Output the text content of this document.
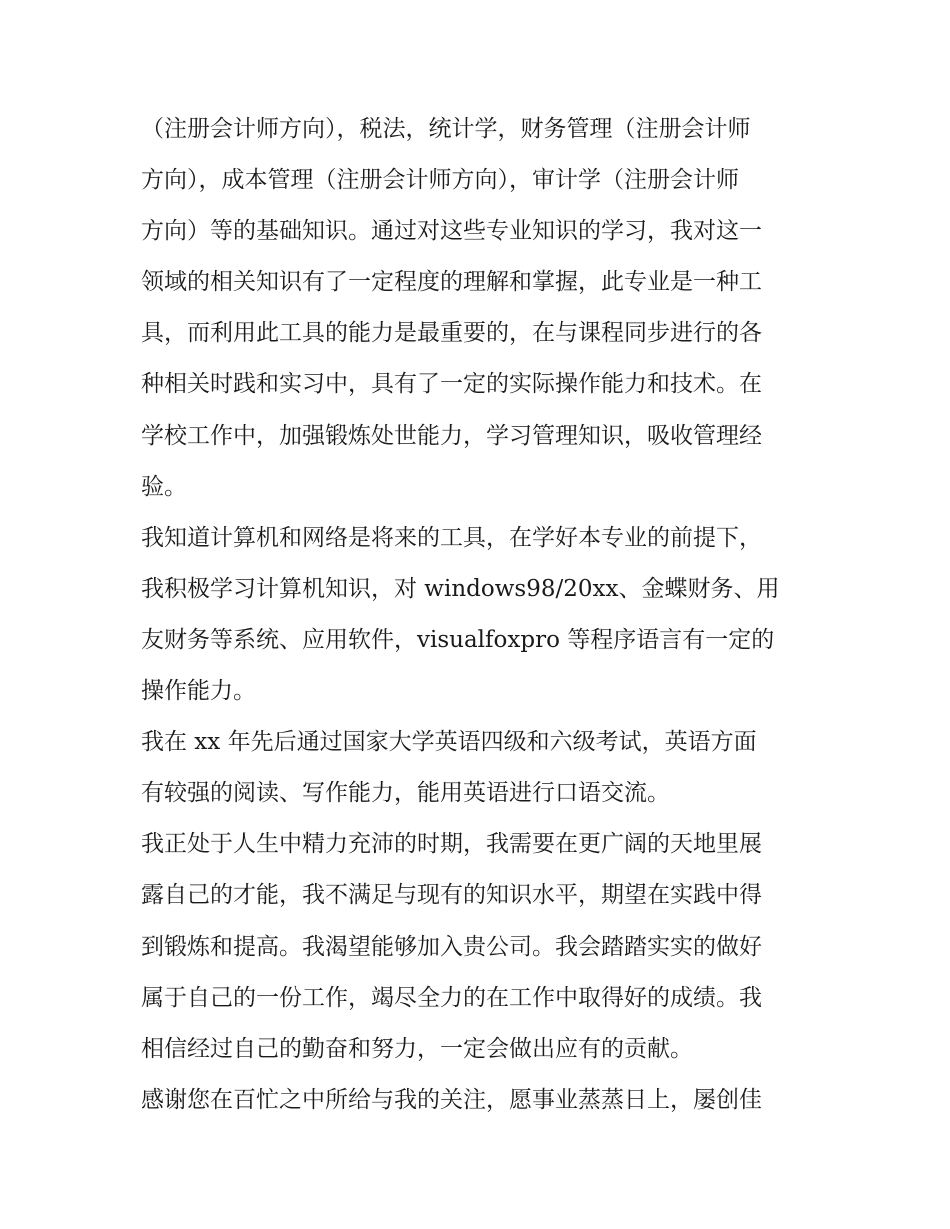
（注册会计师方向），税法，统计学，财务管理（注册会计师
方向），成本管理（注册会计师方向），审计学（注册会计师
方向）等的基础知识。通过对这些专业知识的学习，我对这一
领域的相关知识有了一定程度的理解和掌握，此专业是一种工
具，而利用此工具的能力是最重要的，在与课程同步进行的各
种相关时践和实习中，具有了一定的实际操作能力和技术。在
学校工作中，加强锻炼处世能力，学习管理知识，吸收管理经
验。
我知道计算机和网络是将来的工具，在学好本专业的前提下，
我积极学习计算机知识，对 windows98/20xx、金蝶财务、用
友财务等系统、应用软件，visualfoxpro 等程序语言有一定的
操作能力。
我在 xx 年先后通过国家大学英语四级和六级考试，英语方面
有较强的阅读、写作能力，能用英语进行口语交流。
我正处于人生中精力充沛的时期，我需要在更广阔的天地里展
露自己的才能，我不满足与现有的知识水平，期望在实践中得
到锻炼和提高。我渴望能够加入贵公司。我会踏踏实实的做好
属于自己的一份工作，竭尽全力的在工作中取得好的成绩。我
相信经过自己的勤奋和努力，一定会做出应有的贡献。
感谢您在百忙之中所给与我的关注，愿事业蒸蒸日上，屡创佳
